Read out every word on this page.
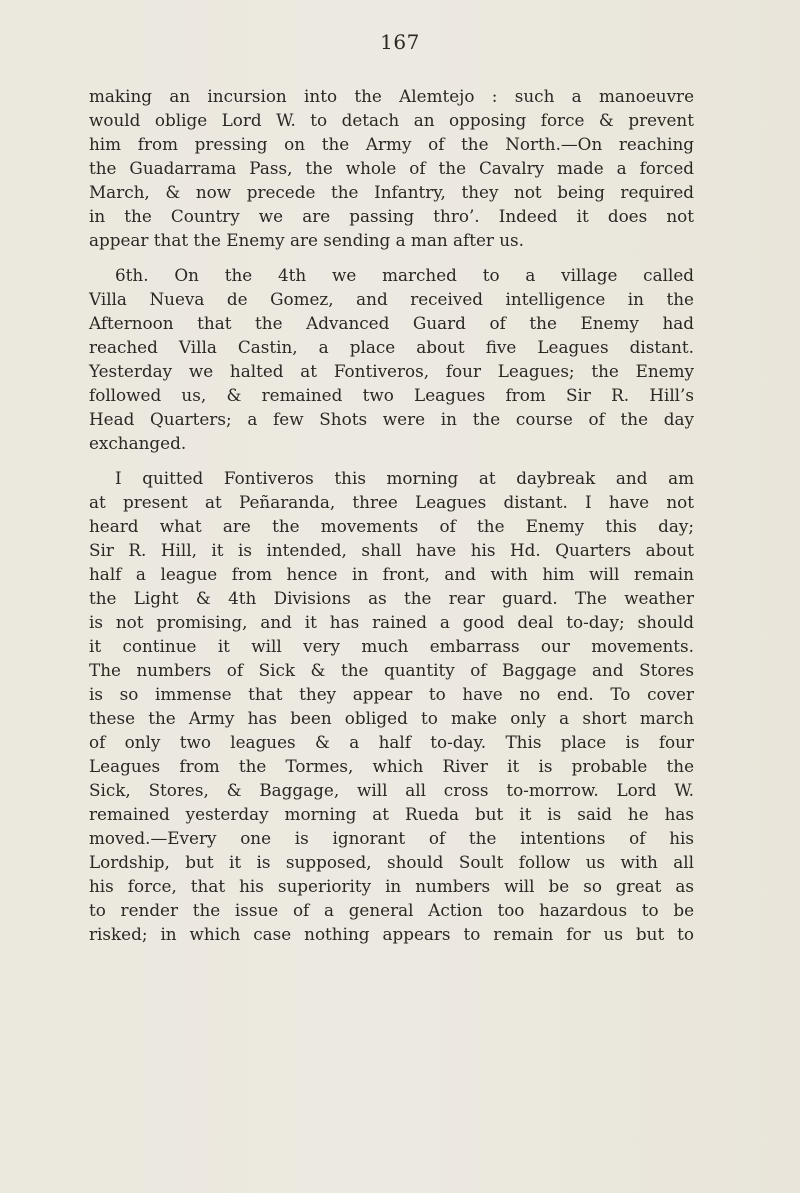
167
making an incursion into the Alemtejo : such a manoeuvre
would oblige Lord W. to detach an opposing force & prevent
him from pressing on the Army of the North.—On reaching
the Guadarrama Pass, the whole of the Cavalry made a forced
March, & now precede the Infantry, they not being required
in the Country we are passing thro’. Indeed it does not
appear that the Enemy are sending a man after us.
6th. On the 4th we marched to a village called
Villa Nueva de Gomez, and received intelligence in the
Afternoon that the Advanced Guard of the Enemy had
reached Villa Castin, a place about five Leagues distant.
Yesterday we halted at Fontiveros, four Leagues; the Enemy
followed us, & remained two Leagues from Sir R. Hill’s
Head Quarters; a few Shots were in the course of the day
exchanged.
I quitted Fontiveros this morning at daybreak and am
at present at Peñaranda, three Leagues distant. I have not
heard what are the movements of the Enemy this day;
Sir R. Hill, it is intended, shall have his Hd. Quarters about
half a league from hence in front, and with him will remain
the Light & 4th Divisions as the rear guard. The weather
is not promising, and it has rained a good deal to-day; should
it continue it will very much embarrass our movements.
The numbers of Sick & the quantity of Baggage and Stores
is so immense that they appear to have no end. To cover
these the Army has been obliged to make only a short march
of only two leagues & a half to-day. This place is four
Leagues from the Tormes, which River it is probable the
Sick, Stores, & Baggage, will all cross to-morrow. Lord W.
remained yesterday morning at Rueda but it is said he has
moved.—Every one is ignorant of the intentions of his
Lordship, but it is supposed, should Soult follow us with all
his force, that his superiority in numbers will be so great as
to render the issue of a general Action too hazardous to be
risked; in which case nothing appears to remain for us but to
